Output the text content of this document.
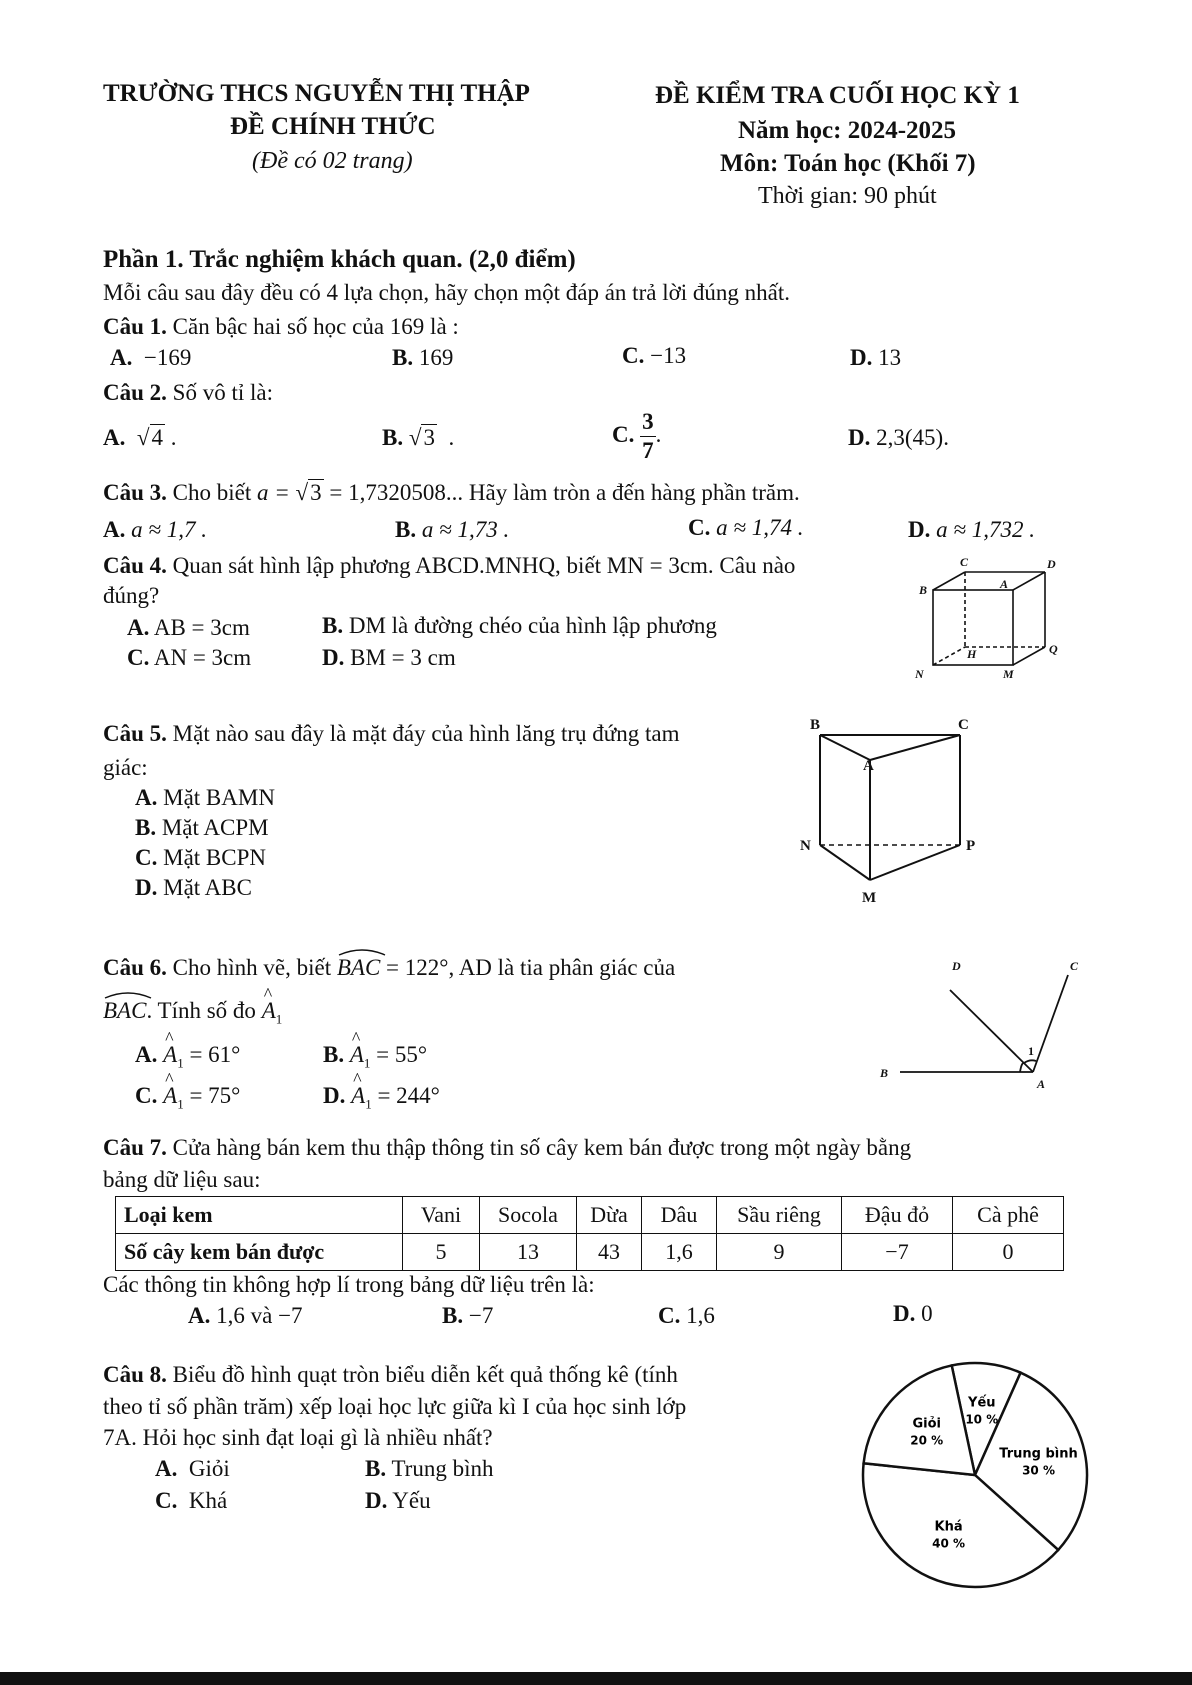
TRƯỜNG THCS NGUYỄN THỊ THẬP
ĐỀ CHÍNH THỨC
(Đề có 02 trang)
ĐỀ KIỂM TRA CUỐI HỌC KỲ 1
Năm học: 2024-2025
Môn: Toán học (Khối 7)
Thời gian: 90 phút
Phần 1. Trắc nghiệm khách quan. (2,0 điểm)
Mỗi câu sau đây đều có 4 lựa chọn, hãy chọn một đáp án trả lời đúng nhất.
Câu 1. Căn bậc hai số học của 169 là :
A. −169	B. 169	C. −13	D. 13
Câu 2. Số vô tỉ là:
A. √4 .	B. √3  .	C. $\frac{3}{7}$ .	D. 2,3(45).
Câu 3. Cho biết a = √3 = 1,7320508... Hãy làm tròn a đến hàng phần trăm.
A. a ≈ 1,7 .	B. a ≈ 1,73 .	C. a ≈ 1,74 .	D. a ≈ 1,732 .
Câu 4. Quan sát hình lập phương ABCD.MNHQ, biết MN = 3cm. Câu nào
đúng?
A. AB = 3cm	B. DM là đường chéo của hình lập phương
C. AN = 3cm	D. BM = 3 cm
C	D
B	A
H	Q
N	M
Câu 5. Mặt nào sau đây là mặt đáy của hình lăng trụ đứng tam
giác:
A. Mặt BAMN
B. Mặt ACPM
C. Mặt BCPN
D. Mặt ABC
B	C
A
N	P
M
Câu 6. Cho hình vẽ, biết BAC = 122°, AD là tia phân giác của
BAC. Tính số đo ^ $A_1$
A. ^ $A_1 = 61^\circ$	B. ^ $A_1 = 55^\circ$
C. ^ $A_1 = 75^\circ$	D. ^ $A_1 = 244^\circ$
D	C
B
A
1
Câu 7. Cửa hàng bán kem thu thập thông tin số cây kem bán được trong một ngày bằng
bảng dữ liệu sau:
Loại kem	Vani	Socola	Dừa	Dâu	Sầu riêng	Đậu đỏ	Cà phê
Số cây kem bán được	5	13	43	1,6	9	−7	0
Các thông tin không hợp lí trong bảng dữ liệu trên là:
A. 1,6 và −7	B. −7	C. 1,6	D. 0
Câu 8. Biểu đồ hình quạt tròn biểu diễn kết quả thống kê (tính
theo tỉ số phần trăm) xếp loại học lực giữa kì I của học sinh lớp
7A. Hỏi học sinh đạt loại gì là nhiều nhất?
A. Giỏi	B. Trung bình
C. Khá	D. Yếu
Yếu
10 %
Trung bình
30 %
Khá
40 %
Giỏi
20 %
